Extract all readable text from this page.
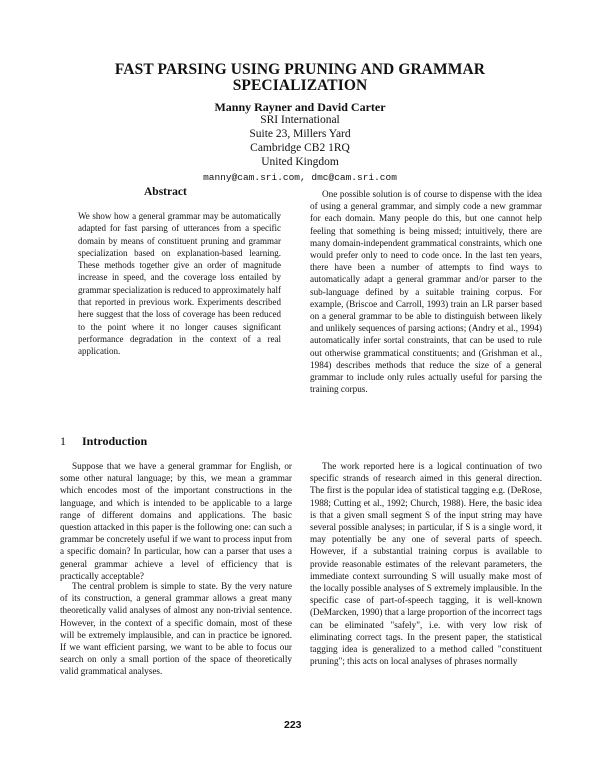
FAST PARSING USING PRUNING AND GRAMMAR
SPECIALIZATION
Manny Rayner and David Carter
SRI International
Suite 23, Millers Yard
Cambridge CB2 1RQ
United Kingdom
manny@cam.sri.com, dmc@cam.sri.com
Abstract
We show how a general grammar may be automatically adapted for fast parsing of utterances from a specific domain by means of constituent pruning and grammar specialization based on explanation-based learning. These methods together give an order of magnitude increase in speed, and the coverage loss entailed by grammar specialization is reduced to approximately half that reported in previous work. Experiments described here suggest that the loss of coverage has been reduced to the point where it no longer causes significant performance degradation in the context of a real application.
1 Introduction
Suppose that we have a general grammar for English, or some other natural language; by this, we mean a grammar which encodes most of the important constructions in the language, and which is intended to be applicable to a large range of different domains and applications. The basic question attacked in this paper is the following one: can such a grammar be concretely useful if we want to process input from a specific domain? In particular, how can a parser that uses a general grammar achieve a level of efficiency that is practically acceptable?
The central problem is simple to state. By the very nature of its construction, a general grammar allows a great many theoretically valid analyses of almost any non-trivial sentence. However, in the context of a specific domain, most of these will be extremely implausible, and can in practice be ignored. If we want efficient parsing, we want to be able to focus our search on only a small portion of the space of theoretically valid grammatical analyses.
One possible solution is of course to dispense with the idea of using a general grammar, and simply code a new grammar for each domain. Many people do this, but one cannot help feeling that something is being missed; intuitively, there are many domain-independent grammatical constraints, which one would prefer only to need to code once. In the last ten years, there have been a number of attempts to find ways to automatically adapt a general grammar and/or parser to the sub-language defined by a suitable training corpus. For example, (Briscoe and Carroll, 1993) train an LR parser based on a general grammar to be able to distinguish between likely and unlikely sequences of parsing actions; (Andry et al., 1994) automatically infer sortal constraints, that can be used to rule out otherwise grammatical constituents; and (Grishman et al., 1984) describes methods that reduce the size of a general grammar to include only rules actually useful for parsing the training corpus.
The work reported here is a logical continuation of two specific strands of research aimed in this general direction. The first is the popular idea of statistical tagging e.g. (DeRose, 1988; Cutting et al., 1992; Church, 1988). Here, the basic idea is that a given small segment S of the input string may have several possible analyses; in particular, if S is a single word, it may potentially be any one of several parts of speech. However, if a substantial training corpus is available to provide reasonable estimates of the relevant parameters, the immediate context surrounding S will usually make most of the locally possible analyses of S extremely implausible. In the specific case of part-of-speech tagging, it is well-known (DeMarcken, 1990) that a large proportion of the incorrect tags can be eliminated "safely", i.e. with very low risk of eliminating correct tags. In the present paper, the statistical tagging idea is generalized to a method called "constituent pruning"; this acts on local analyses of phrases normally
223
